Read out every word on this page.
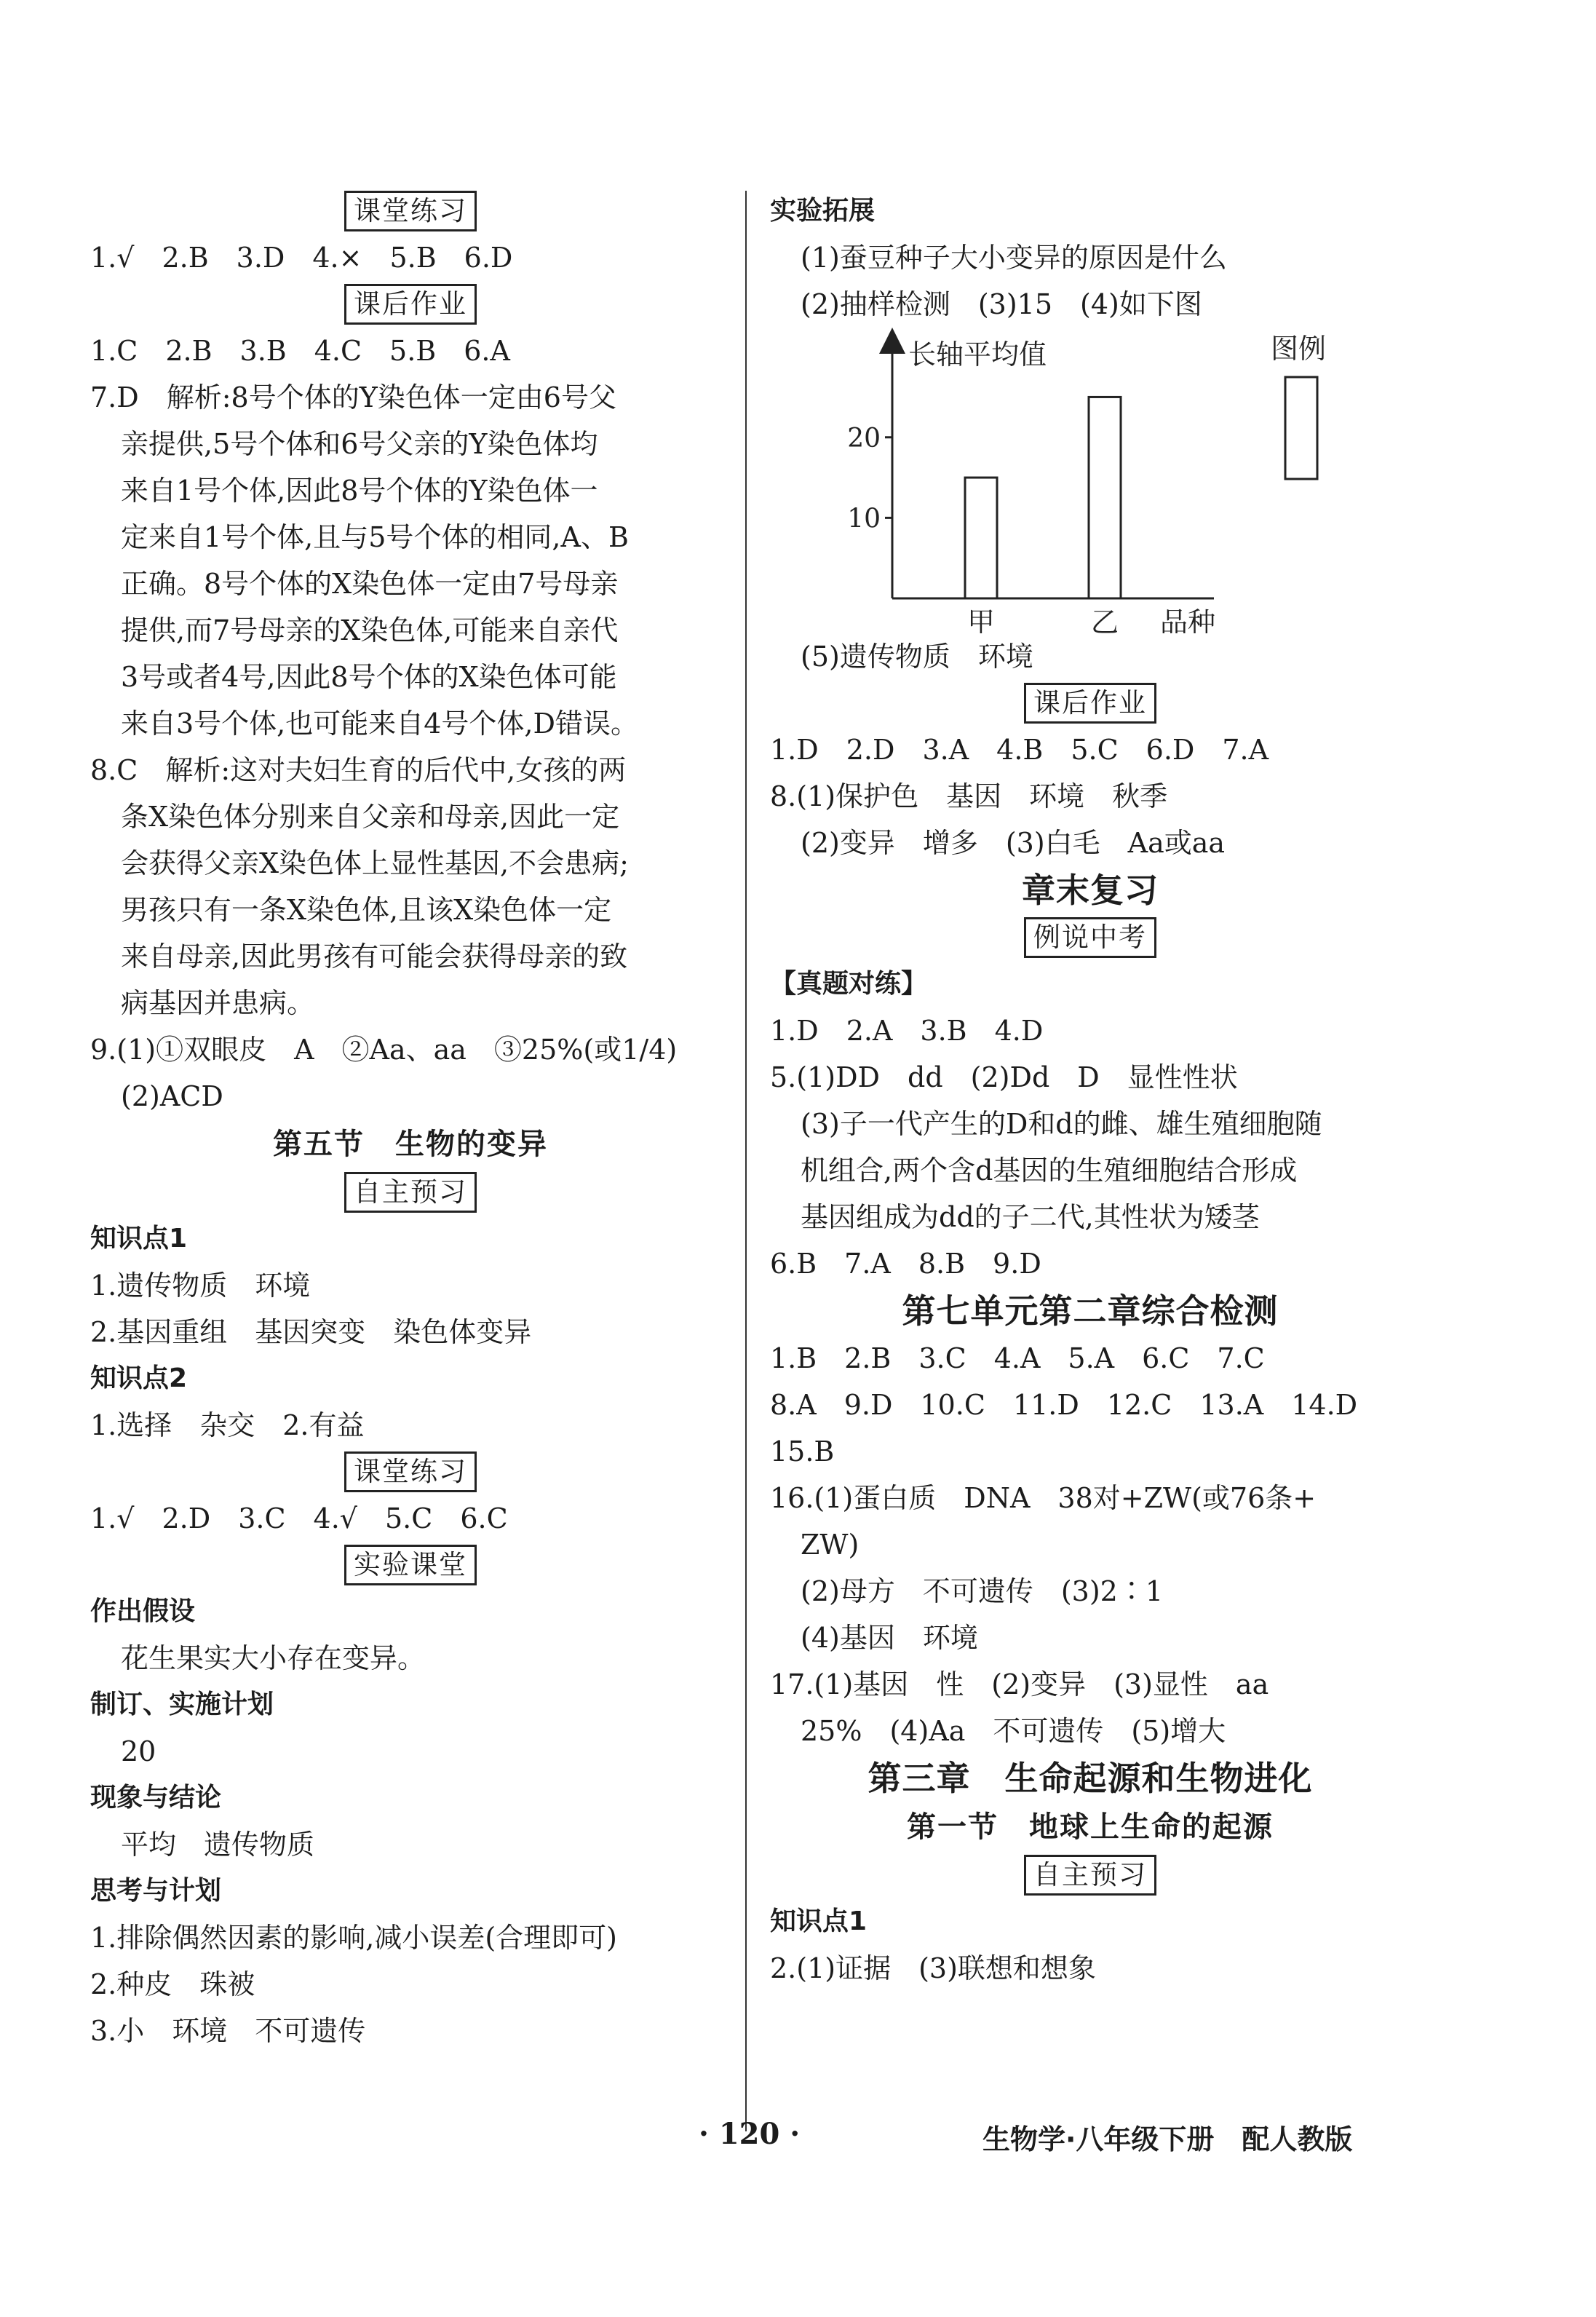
课堂练习
1.√　2.B　3.D　4.×　5.B　6.D
课后作业
1.C　2.B　3.B　4.C　5.B　6.A
7.D　解析:8号个体的Y染色体一定由6号父
亲提供,5号个体和6号父亲的Y染色体均
来自1号个体,因此8号个体的Y染色体一
定来自1号个体,且与5号个体的相同,A、B
正确。8号个体的X染色体一定由7号母亲
提供,而7号母亲的X染色体,可能来自亲代
3号或者4号,因此8号个体的X染色体可能
来自3号个体,也可能来自4号个体,D错误。
8.C　解析:这对夫妇生育的后代中,女孩的两
条X染色体分别来自父亲和母亲,因此一定
会获得父亲X染色体上显性基因,不会患病;
男孩只有一条X染色体,且该X染色体一定
来自母亲,因此男孩有可能会获得母亲的致
病基因并患病。
9.(1)①双眼皮　A　②Aa、aa　③25%(或1/4)
(2)ACD
第五节　生物的变异
自主预习
知识点1
1.遗传物质　环境
2.基因重组　基因突变　染色体变异
知识点2
1.选择　杂交　2.有益
课堂练习
1.√　2.D　3.C　4.√　5.C　6.C
实验课堂
作出假设
花生果实大小存在变异。
制订、实施计划
20
现象与结论
平均　遗传物质
思考与计划
1.排除偶然因素的影响,减小误差(合理即可)
2.种皮　珠被
3.小　环境　不可遗传
实验拓展
(1)蚕豆种子大小变异的原因是什么
(2)抽样检测　(3)15　(4)如下图
长轴平均值
品种
图例
10
20
甲	乙
(5)遗传物质　环境
课后作业
1.D　2.D　3.A　4.B　5.C　6.D　7.A
8.(1)保护色　基因　环境　秋季
(2)变异　增多　(3)白毛　Aa或aa
章末复习
例说中考
【真题对练】
1.D　2.A　3.B　4.D
5.(1)DD　dd　(2)Dd　D　显性性状
(3)子一代产生的D和d的雌、雄生殖细胞随
机组合,两个含d基因的生殖细胞结合形成
基因组成为dd的子二代,其性状为矮茎
6.B　7.A　8.B　9.D
第七单元第二章综合检测
1.B　2.B　3.C　4.A　5.A　6.C　7.C
8.A　9.D　10.C　11.D　12.C　13.A　14.D
15.B
16.(1)蛋白质　DNA　38对+ZW(或76条+
ZW)
(2)母方　不可遗传　(3)2∶1
(4)基因　环境
17.(1)基因　性　(2)变异　(3)显性　aa
25%　(4)Aa　不可遗传　(5)增大
第三章　生命起源和生物进化
第一节　地球上生命的起源
自主预习
知识点1
2.(1)证据　(3)联想和想象
· 120 ·	生物学·八年级下册　配人教版
